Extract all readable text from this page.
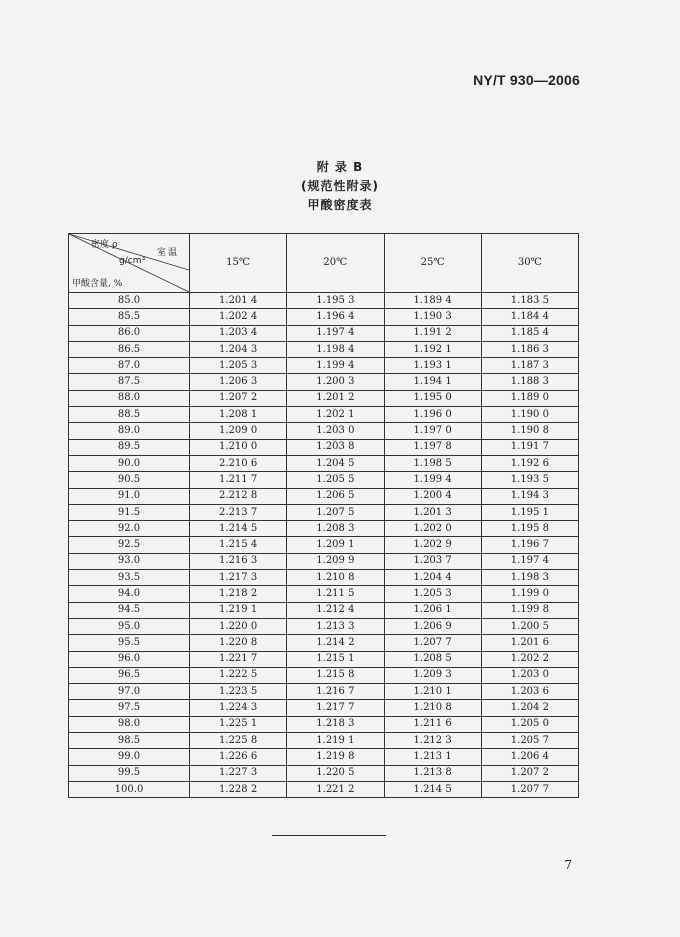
NY/T 930—2006
附 录 B
(规范性附录)
甲酸密度表
密度 ρ
g/cm³
室温
甲酸含量, %	15℃	20℃	25℃	30℃
85.0	1.201 4	1.195 3	1.189 4	1.183 5
85.5	1.202 4	1.196 4	1.190 3	1.184 4
86.0	1.203 4	1.197 4	1.191 2	1.185 4
86.5	1.204 3	1.198 4	1.192 1	1.186 3
87.0	1.205 3	1.199 4	1.193 1	1.187 3
87.5	1.206 3	1.200 3	1.194 1	1.188 3
88.0	1.207 2	1.201 2	1.195 0	1.189 0
88.5	1.208 1	1.202 1	1.196 0	1.190 0
89.0	1.209 0	1.203 0	1.197 0	1.190 8
89.5	1.210 0	1.203 8	1.197 8	1.191 7
90.0	2.210 6	1.204 5	1.198 5	1.192 6
90.5	1.211 7	1.205 5	1.199 4	1.193 5
91.0	2.212 8	1.206 5	1.200 4	1.194 3
91.5	2.213 7	1.207 5	1.201 3	1.195 1
92.0	1.214 5	1.208 3	1.202 0	1.195 8
92.5	1.215 4	1.209 1	1.202 9	1.196 7
93.0	1.216 3	1.209 9	1.203 7	1.197 4
93.5	1.217 3	1.210 8	1.204 4	1.198 3
94.0	1.218 2	1.211 5	1.205 3	1.199 0
94.5	1.219 1	1.212 4	1.206 1	1.199 8
95.0	1.220 0	1.213 3	1.206 9	1.200 5
95.5	1.220 8	1.214 2	1.207 7	1.201 6
96.0	1.221 7	1.215 1	1.208 5	1.202 2
96.5	1.222 5	1.215 8	1.209 3	1.203 0
97.0	1.223 5	1.216 7	1.210 1	1.203 6
97.5	1.224 3	1.217 7	1.210 8	1.204 2
98.0	1.225 1	1.218 3	1.211 6	1.205 0
98.5	1.225 8	1.219 1	1.212 3	1.205 7
99.0	1.226 6	1.219 8	1.213 1	1.206 4
99.5	1.227 3	1.220 5	1.213 8	1.207 2
100.0	1.228 2	1.221 2	1.214 5	1.207 7
7
